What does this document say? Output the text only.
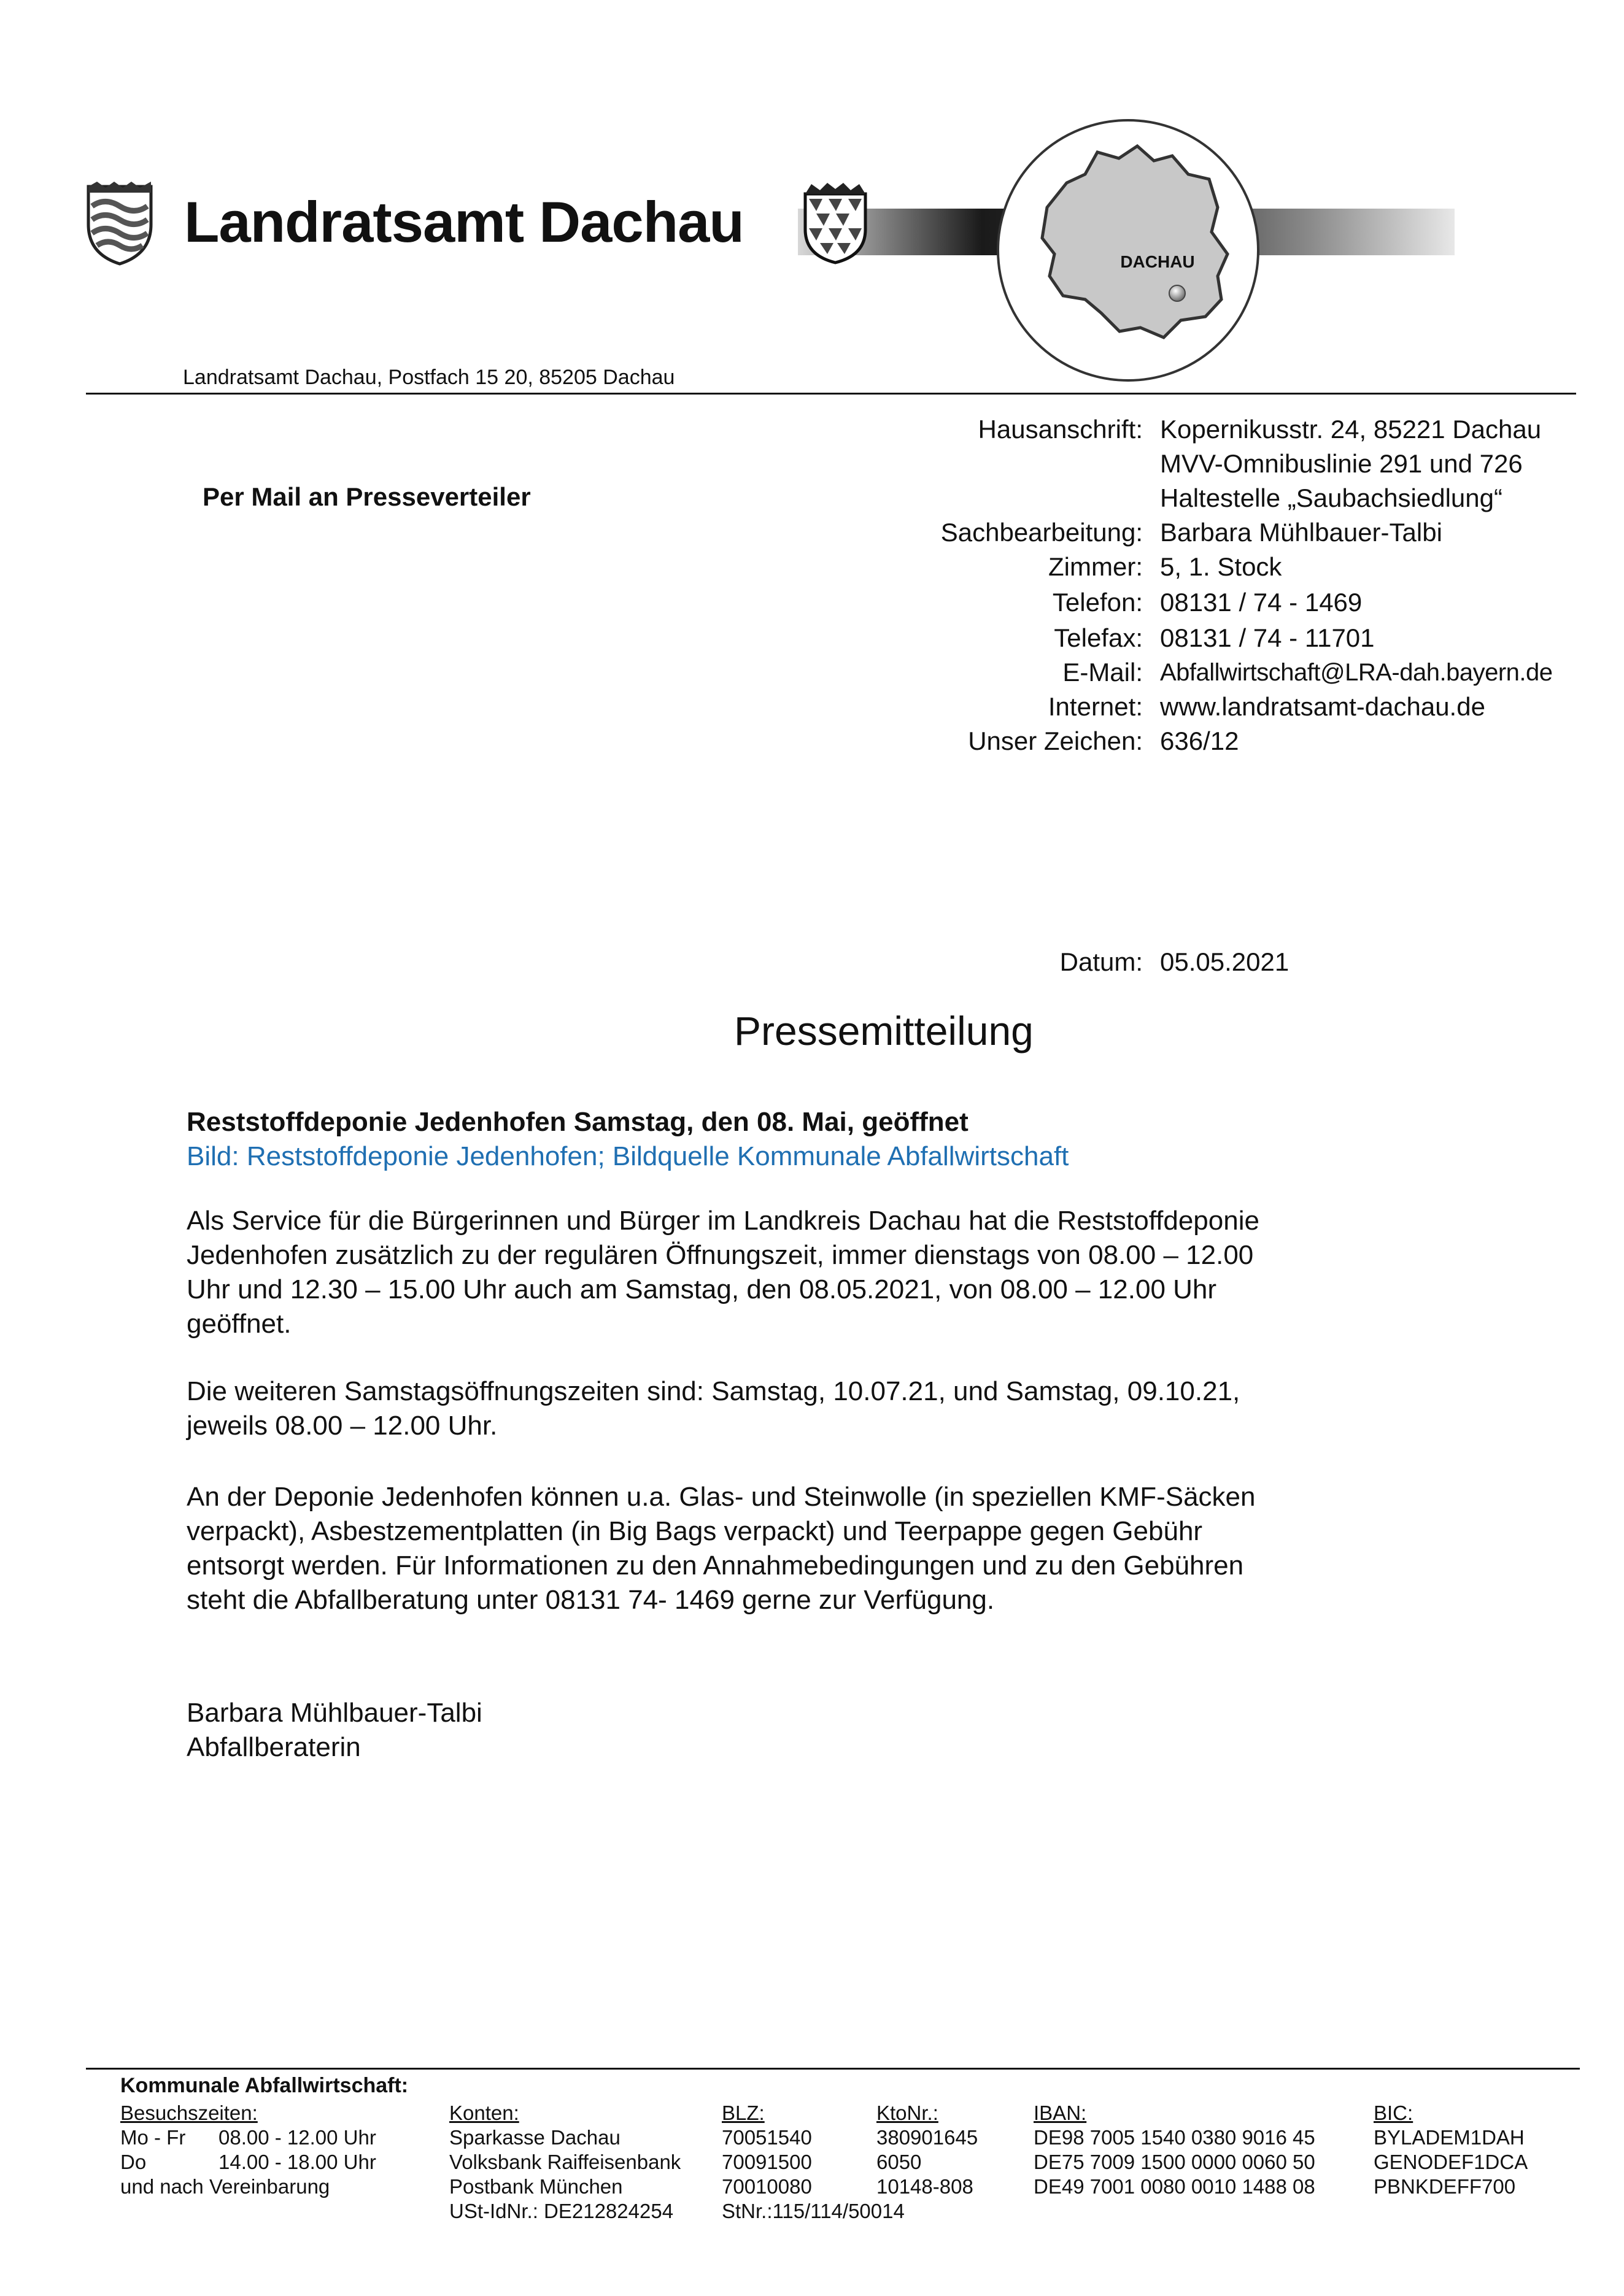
Landratsamt Dachau
DACHAU
Landratsamt Dachau, Postfach 15 20, 85205 Dachau
Per Mail an Presseverteiler
Hausanschrift:
Sachbearbeitung:
Zimmer:
Telefon:
Telefax:
E-Mail:
Internet:
Unser Zeichen:
Kopernikusstr. 24, 85221 Dachau
MVV-Omnibuslinie 291 und 726
Haltestelle „Saubachsiedlung“
Barbara Mühlbauer-Talbi
5, 1. Stock
08131 / 74 - 1469
08131 / 74 - 11701
Abfallwirtschaft@LRA-dah.bayern.de
www.landratsamt-dachau.de
636/12
Datum: 05.05.2021
Pressemitteilung
Reststoffdeponie Jedenhofen Samstag, den 08. Mai, geöffnet
Bild: Reststoffdeponie Jedenhofen; Bildquelle Kommunale Abfallwirtschaft
Als Service für die Bürgerinnen und Bürger im Landkreis Dachau hat die Reststoffdeponie
Jedenhofen zusätzlich zu der regulären Öffnungszeit, immer dienstags von 08.00 – 12.00
Uhr und 12.30 – 15.00 Uhr auch am Samstag, den 08.05.2021, von 08.00 – 12.00 Uhr
geöffnet.
Die weiteren Samstagsöffnungszeiten sind: Samstag, 10.07.21, und Samstag, 09.10.21,
jeweils 08.00 – 12.00 Uhr.
An der Deponie Jedenhofen können u.a. Glas- und Steinwolle (in speziellen KMF-Säcken
verpackt), Asbestzementplatten (in Big Bags verpackt) und Teerpappe gegen Gebühr
entsorgt werden. Für Informationen zu den Annahmebedingungen und zu den Gebühren
steht die Abfallberatung unter 08131 74- 1469 gerne zur Verfügung.
Barbara Mühlbauer-Talbi
Abfallberaterin
Kommunale Abfallwirtschaft:
Besuchszeiten:
Mo - Fr 08.00 - 12.00 Uhr
Do	14.00 - 18.00 Uhr
und nach Vereinbarung
Konten:
Sparkasse Dachau
Volksbank Raiffeisenbank
Postbank München
USt-IdNr.: DE212824254
BLZ:
70051540
70091500
70010080
StNr.:115/114/50014
KtoNr.:
380901645
6050
10148-808
IBAN:
DE98 7005 1540 0380 9016 45
DE75 7009 1500 0000 0060 50
DE49 7001 0080 0010 1488 08
BIC:
BYLADEM1DAH
GENODEF1DCA
PBNKDEFF700
